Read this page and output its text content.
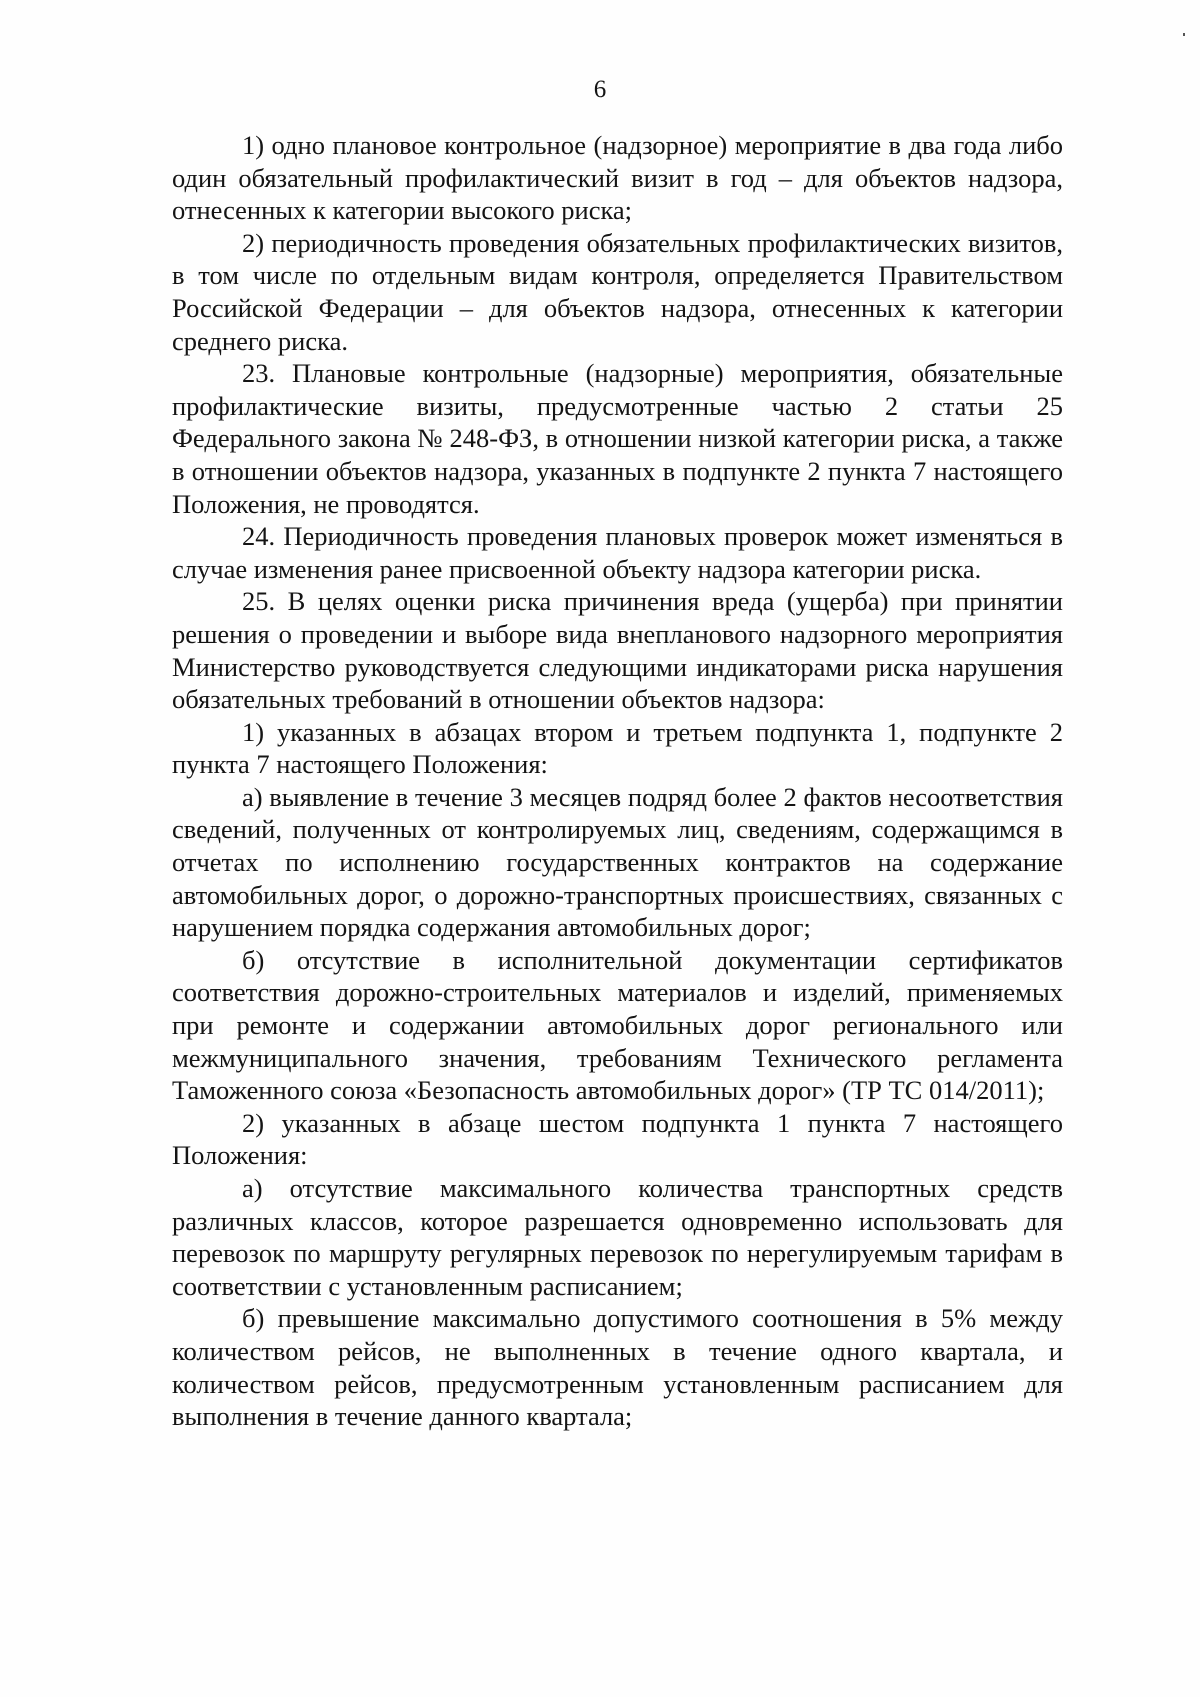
6

1) одно плановое контрольное (надзорное) мероприятие в два года либо один обязательный профилактический визит в год – для объектов надзора, отнесенных к категории высокого риска;

2) периодичность проведения обязательных профилактических визитов, в том числе по отдельным видам контроля, определяется Правительством Российской Федерации – для объектов надзора, отнесенных к категории среднего риска.

23. Плановые контрольные (надзорные) мероприятия, обязательные профилактические визиты, предусмотренные частью 2 статьи 25 Федерального закона № 248-ФЗ, в отношении низкой категории риска, а также в отношении объектов надзора, указанных в подпункте 2 пункта 7 настоящего Положения, не проводятся.

24. Периодичность проведения плановых проверок может изменяться в случае изменения ранее присвоенной объекту надзора категории риска.

25. В целях оценки риска причинения вреда (ущерба) при принятии решения о проведении и выборе вида внепланового надзорного мероприятия Министерство руководствуется следующими индикаторами риска нарушения обязательных требований в отношении объектов надзора:

1) указанных в абзацах втором и третьем подпункта 1, подпункте 2 пункта 7 настоящего Положения:

а) выявление в течение 3 месяцев подряд более 2 фактов несоответствия сведений, полученных от контролируемых лиц, сведениям, содержащимся в отчетах по исполнению государственных контрактов на содержание автомобильных дорог, о дорожно-транспортных происшествиях, связанных с нарушением порядка содержания автомобильных дорог;

б) отсутствие в исполнительной документации сертификатов соответствия дорожно-строительных материалов и изделий, применяемых при ремонте и содержании автомобильных дорог регионального или межмуниципального значения, требованиям Технического регламента Таможенного союза «Безопасность автомобильных дорог» (ТР ТС 014/2011);

2) указанных в абзаце шестом подпункта 1 пункта 7 настоящего Положения:

а) отсутствие максимального количества транспортных средств различных классов, которое разрешается одновременно использовать для перевозок по маршруту регулярных перевозок по нерегулируемым тарифам в соответствии с установленным расписанием;

б) превышение максимально допустимого соотношения в 5% между количеством рейсов, не выполненных в течение одного квартала, и количеством рейсов, предусмотренным установленным расписанием для выполнения в течение данного квартала;
